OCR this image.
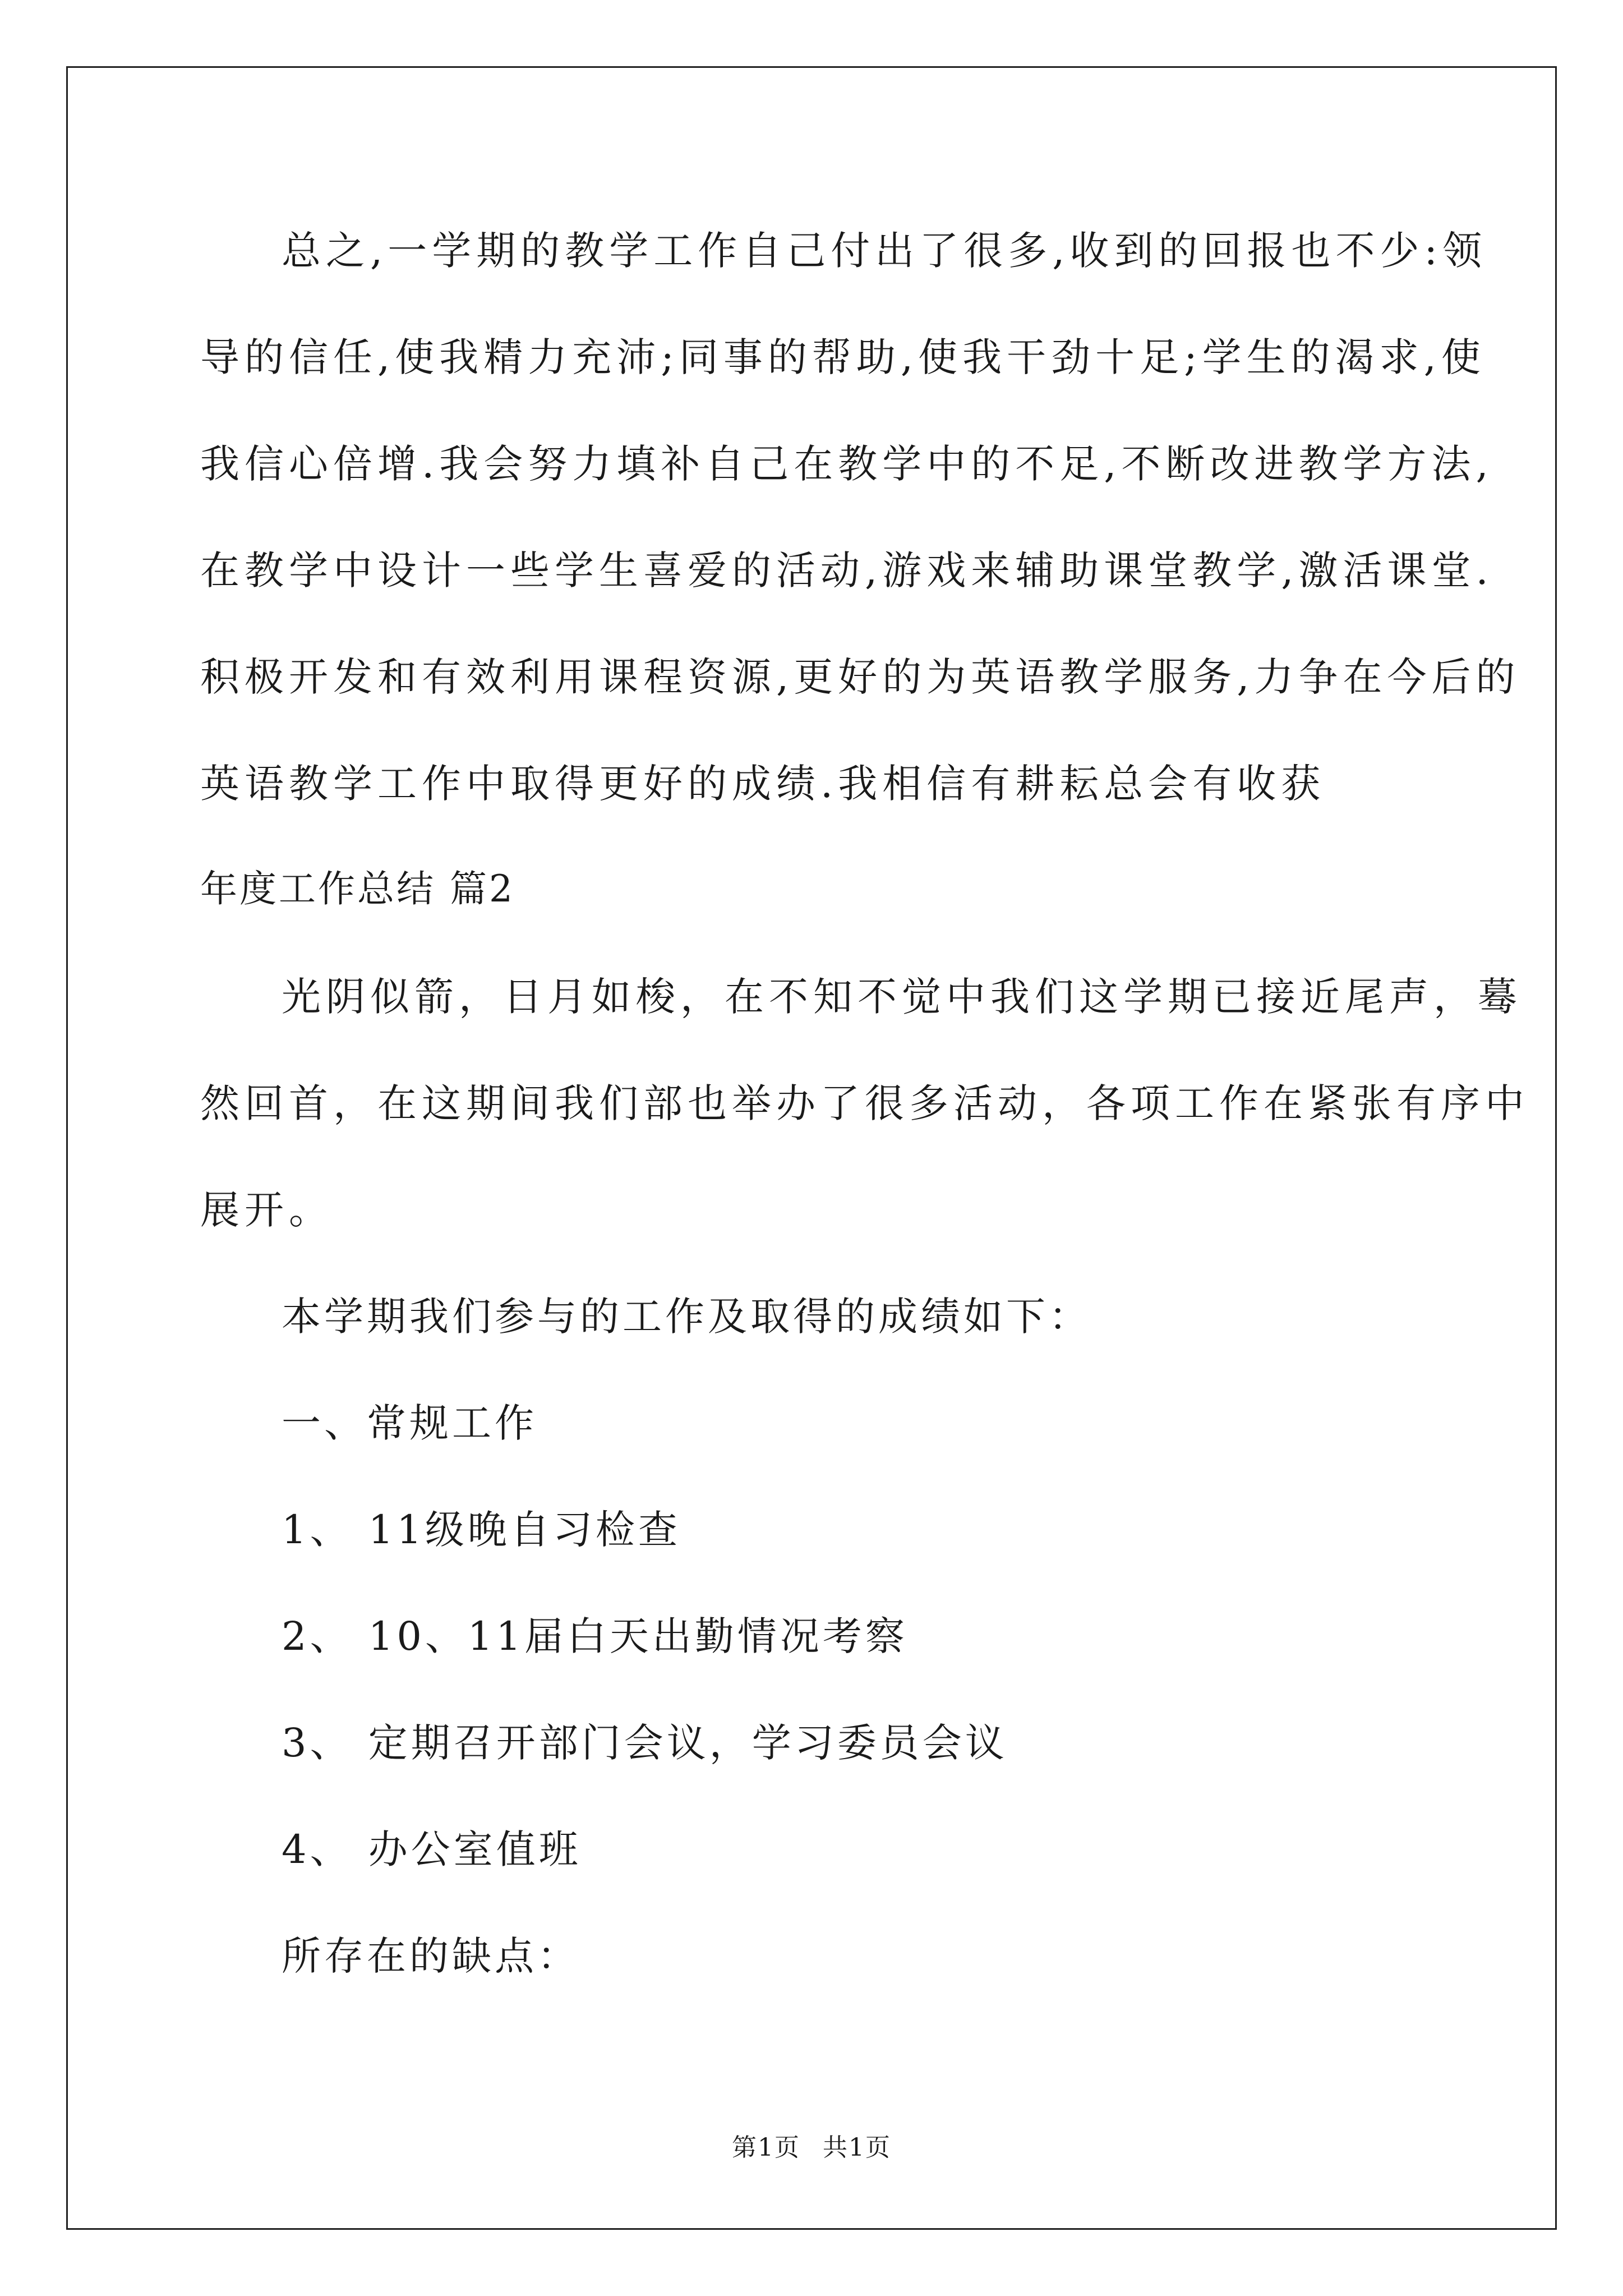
总之,一学期的教学工作自己付出了很多,收到的回报也不少:领
导的信任,使我精力充沛;同事的帮助,使我干劲十足;学生的渴求,使
我信心倍增.我会努力填补自己在教学中的不足,不断改进教学方法,
在教学中设计一些学生喜爱的活动,游戏来辅助课堂教学,激活课堂.
积极开发和有效利用课程资源,更好的为英语教学服务,力争在今后的
英语教学工作中取得更好的成绩.我相信有耕耘总会有收获
年度工作总结 篇2
光阴似箭，日月如梭，在不知不觉中我们这学期已接近尾声，蓦
然回首，在这期间我们部也举办了很多活动，各项工作在紧张有序中
展开。
本学期我们参与的工作及取得的成绩如下：
一、常规工作
1、 11级晚自习检查
2、 10、11届白天出勤情况考察
3、 定期召开部门会议，学习委员会议
4、 办公室值班
所存在的缺点：
第1页 共1页
